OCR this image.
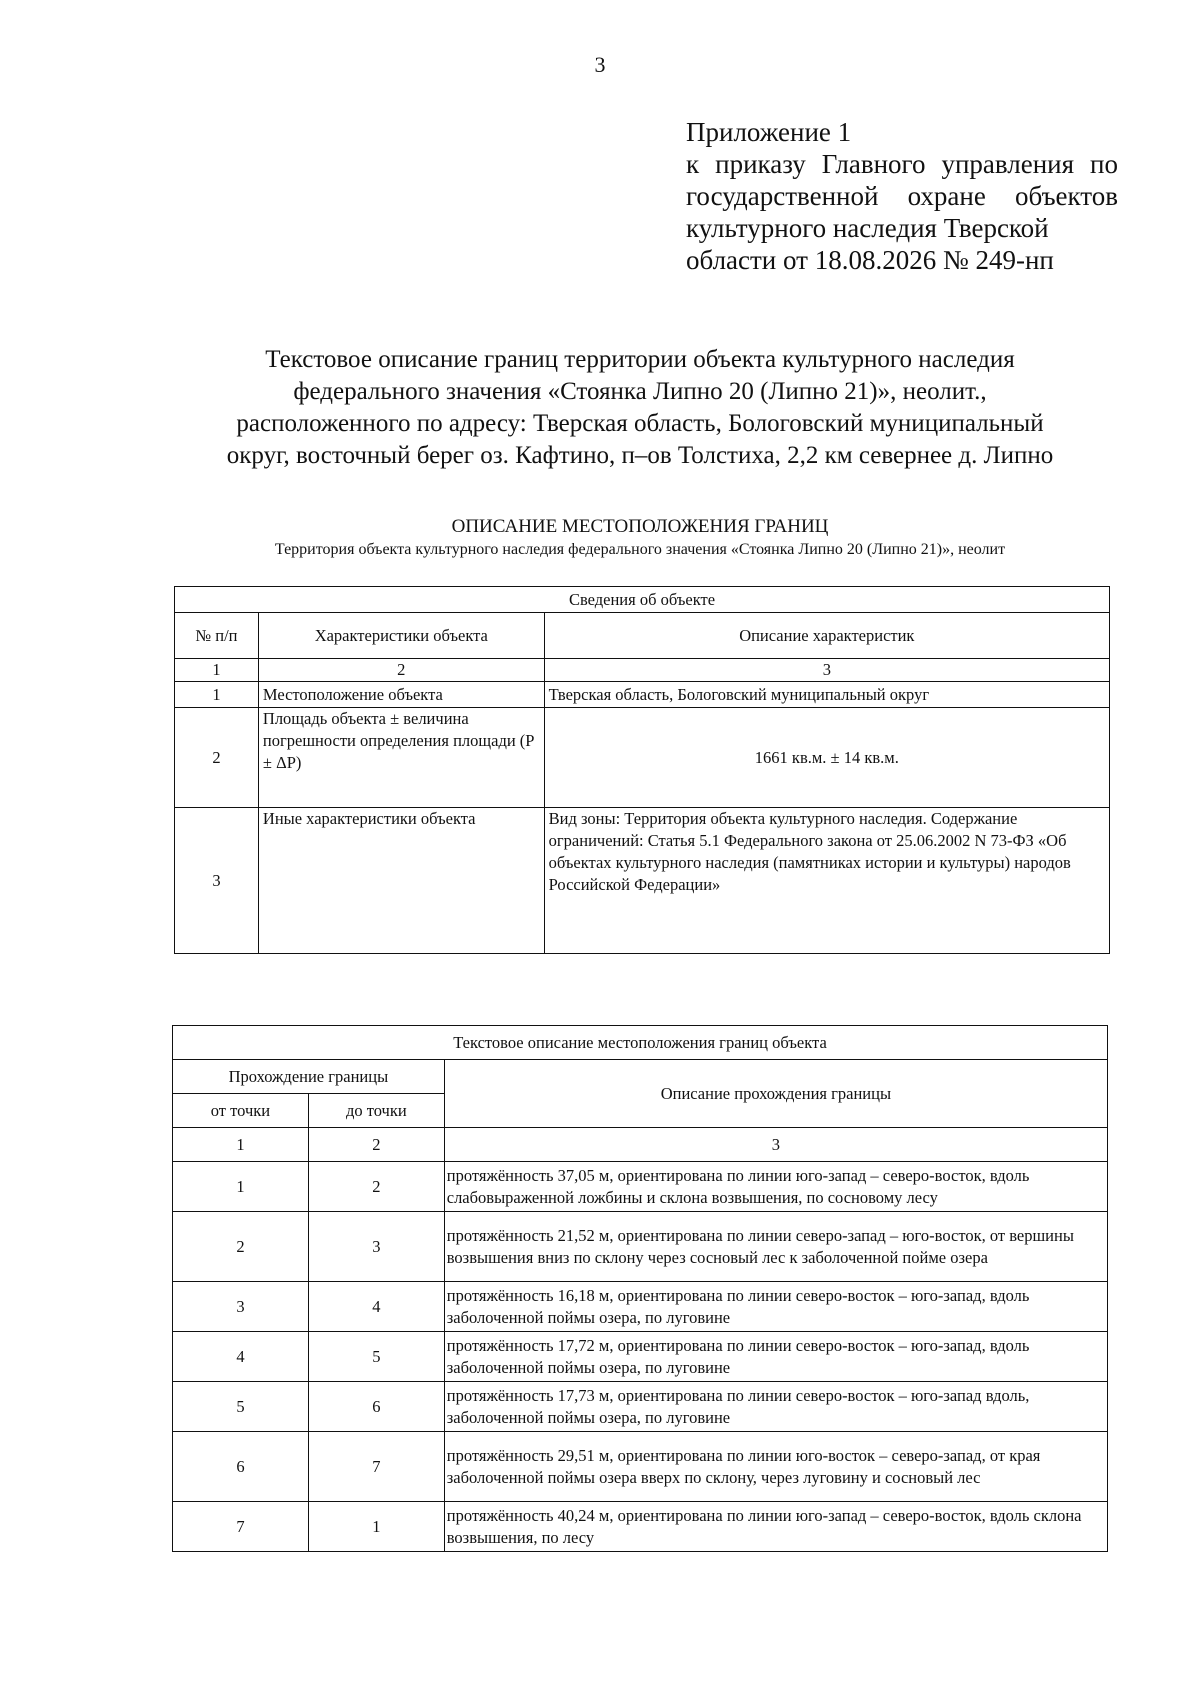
3
Приложение 1
к приказу Главного управления по государственной охране объектов культурного наследия Тверской
области от 18.08.2026 № 249-нп
Текстовое описание границ территории объекта культурного наследия
федерального значения «Стоянка Липно 20 (Липно 21)», неолит.,
расположенного по адресу: Тверская область, Бологовский муниципальный
округ, восточный берег оз. Кафтино, п–ов Толстиха, 2,2 км севернее д. Липно
ОПИСАНИЕ МЕСТОПОЛОЖЕНИЯ ГРАНИЦ
Территория объекта культурного наследия федерального значения «Стоянка Липно 20 (Липно 21)», неолит
Сведения об объекте		
№ п/п	Характеристики объекта	Описание характеристик
1	2	3
1	Местоположение объекта	Тверская область, Бологовский муниципальный округ
2	Площадь объекта ± величина погрешности определения площади (P ± ΔP)	1661 кв.м. ± 14 кв.м.
3	Иные характеристики объекта	Вид зоны: Территория объекта культурного наследия. Содержание ограничений: Статья 5.1 Федерального закона от 25.06.2002 N 73-ФЗ «Об объектах культурного наследия (памятниках истории и культуры) народов Российской Федерации»
Текстовое описание местоположения границ объекта		
Прохождение границы		Описание прохождения границы
от точки	до точки	
1	2	3
1	2	протяжённость 37,05 м, ориентирована по линии юго-запад – северо-восток, вдоль слабовыраженной ложбины и склона возвышения, по сосновому лесу
2	3	протяжённость 21,52 м, ориентирована по линии северо-запад – юго-восток, от вершины возвышения вниз по склону через сосновый лес к заболоченной пойме озера
3	4	протяжённость 16,18 м, ориентирована по линии северо-восток – юго-запад, вдоль заболоченной поймы озера, по луговине
4	5	протяжённость 17,72 м, ориентирована по линии северо-восток – юго-запад, вдоль заболоченной поймы озера, по луговине
5	6	протяжённость 17,73 м, ориентирована по линии северо-восток – юго-запад вдоль, заболоченной поймы озера, по луговине
6	7	протяжённость 29,51 м, ориентирована по линии юго-восток – северо-запад, от края заболоченной поймы озера вверх по склону, через луговину и сосновый лес
7	1	протяжённость 40,24 м, ориентирована по линии юго-запад – северо-восток, вдоль склона возвышения, по лесу
